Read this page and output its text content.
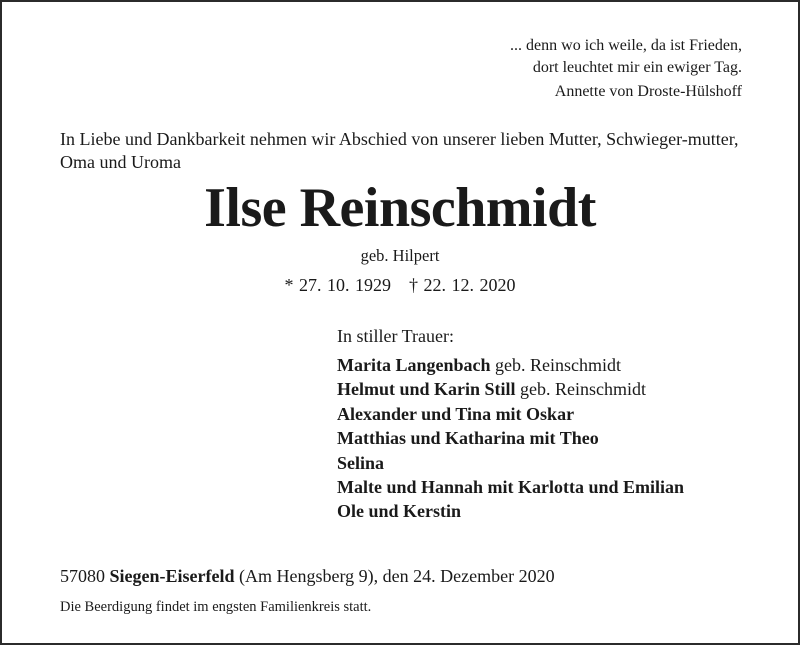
... denn wo ich weile, da ist Frieden,
dort leuchtet mir ein ewiger Tag.
Annette von Droste-Hülshoff
In Liebe und Dankbarkeit nehmen wir Abschied von unserer lieben Mutter, Schwieger-mutter, Oma und Uroma
Ilse Reinschmidt
geb. Hilpert
* 27. 10. 1929 † 22. 12. 2020
In stiller Trauer:
Marita Langenbach geb. Reinschmidt
Helmut und Karin Still geb. Reinschmidt
Alexander und Tina mit Oskar
Matthias und Katharina mit Theo
Selina
Malte und Hannah mit Karlotta und Emilian
Ole und Kerstin
57080 Siegen-Eiserfeld (Am Hengsberg 9), den 24. Dezember 2020
Die Beerdigung findet im engsten Familienkreis statt.
